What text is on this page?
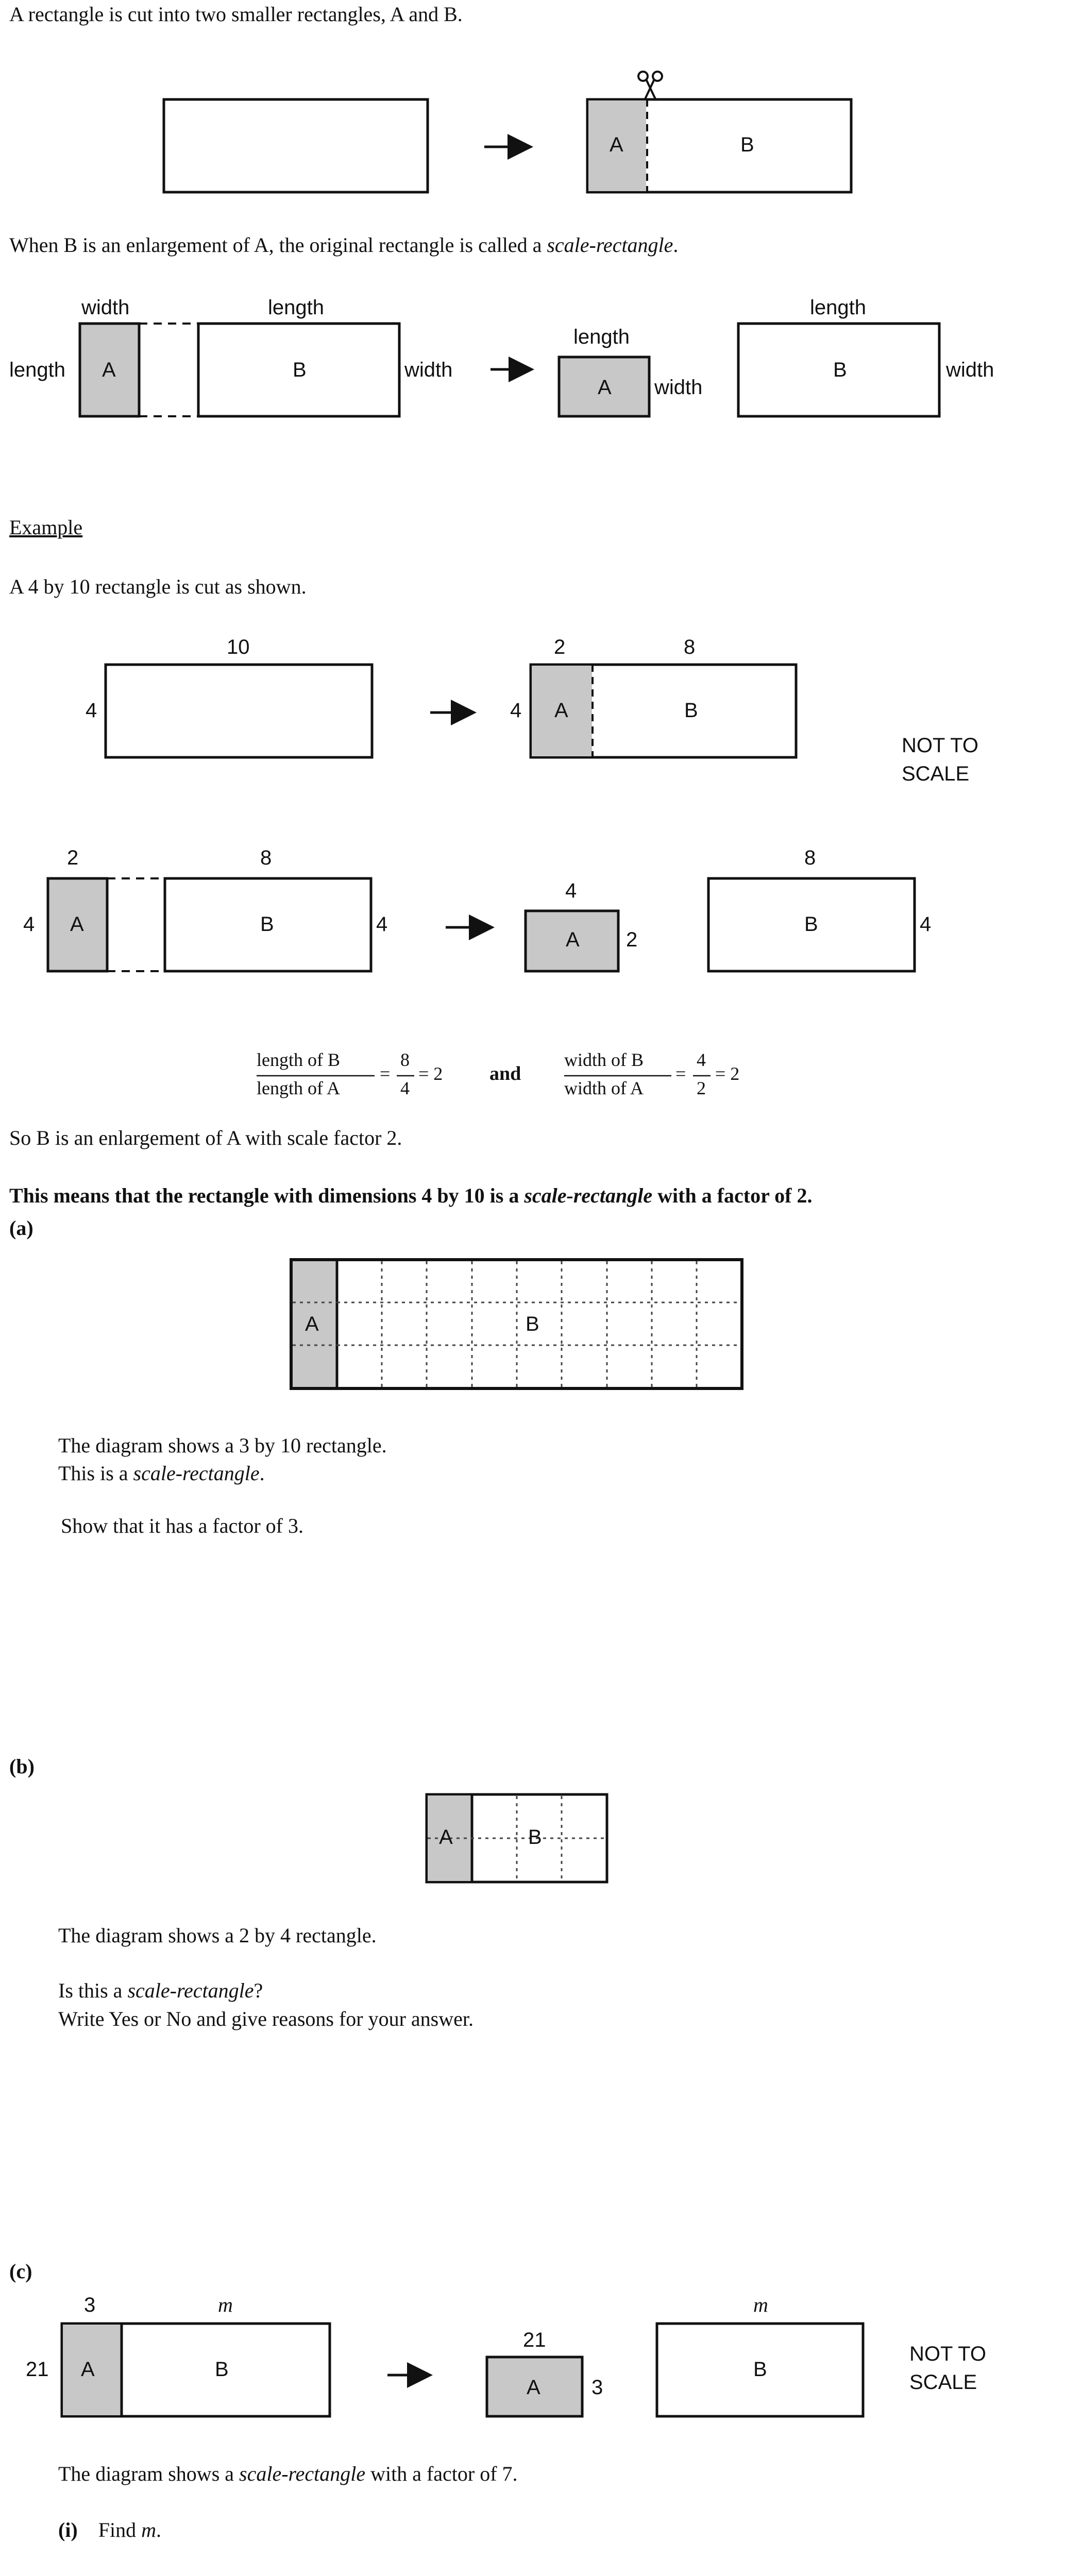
A rectangle is cut into two smaller rectangles, A and B.
A	B
When B is an enlargement of A, the original rectangle is called a scale-rectangle.
width	length
length A	B	width
length
A width
length
B	width
Example
A 4 by 10 rectangle is cut as shown.
10
4	4
2	8
A	B
NOT TO
SCALE
2	8
4 A	B	4
4
A 2
8
B	4
length of B
length of A
=
8
4
= 2 and
width of B
width of A
=
4
2
= 2
So B is an enlargement of A with scale factor 2.
This means that the rectangle with dimensions 4 by 10 is a scale-rectangle with a factor of 2.
(a)
A	B
The diagram shows a 3 by 10 rectangle.
This is a scale-rectangle.
Show that it has a factor of 3.
(b)
A	B
The diagram shows a 2 by 4 rectangle.
Is this a scale-rectangle?
Write Yes or No and give reasons for your answer.
(c)
3	m
21 A	B
21
A 3
m
B
NOT TO
SCALE
The diagram shows a scale-rectangle with a factor of 7.
(i) Find m.
